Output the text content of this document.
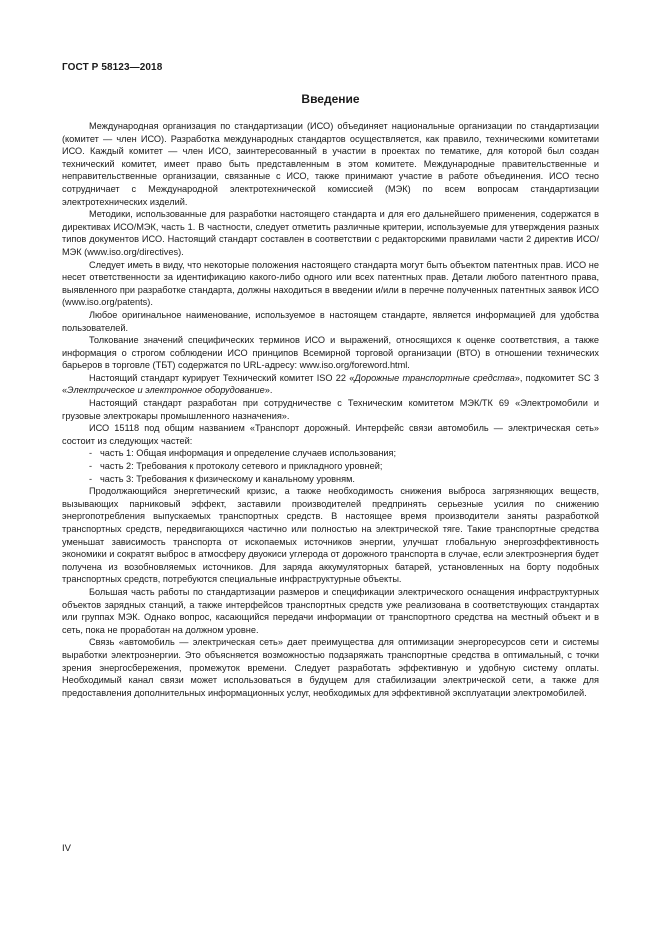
ГОСТ Р 58123—2018
Введение

Международная организация по стандартизации (ИСО) объединяет национальные организации по стандартизации (комитет — член ИСО). Разработка международных стандартов осуществляется, как правило, техническими комитетами ИСО. Каждый комитет — член ИСО, заинтересованный в участии в проектах по тематике, для которой был создан технический комитет, имеет право быть представленным в этом комитете. Международные правительственные и неправительственные организации, связанные с ИСО, также принимают участие в работе объединения. ИСО тесно сотрудничает с Международной электротехнической комиссией (МЭК) по всем вопросам стандартизации электротехнических изделий.

Методики, использованные для разработки настоящего стандарта и для его дальнейшего применения, содержатся в директивах ИСО/МЭК, часть 1. В частности, следует отметить различные критерии, используемые для утверждения разных типов документов ИСО. Настоящий стандарт составлен в соответствии с редакторскими правилами части 2 директив ИСО/МЭК (www.iso.org/directives).

Следует иметь в виду, что некоторые положения настоящего стандарта могут быть объектом патентных прав. ИСО не несет ответственности за идентификацию какого-либо одного или всех патентных прав. Детали любого патентного права, выявленного при разработке стандарта, должны находиться в введении и/или в перечне полученных патентных заявок ИСО (www.iso.org/patents).

Любое оригинальное наименование, используемое в настоящем стандарте, является информацией для удобства пользователей.

Толкование значений специфических терминов ИСО и выражений, относящихся к оценке соответствия, а также информация о строгом соблюдении ИСО принципов Всемирной торговой организации (ВТО) в отношении технических барьеров в торговле (ТБТ) содержатся по URL-адресу: www.iso.org/foreword.html.

Настоящий стандарт курирует Технический комитет ISO 22 «Дорожные транспортные средства», подкомитет SC 3 «Электрическое и электронное оборудование».

Настоящий стандарт разработан при сотрудничестве с Техническим комитетом МЭК/ТК 69 «Электромобили и грузовые электрокары промышленного назначения».

ИСО 15118 под общим названием «Транспорт дорожный. Интерфейс связи автомобиль — электрическая сеть» состоит из следующих частей:

- часть 1: Общая информация и определение случаев использования;

- часть 2: Требования к протоколу сетевого и прикладного уровней;

- часть 3: Требования к физическому и канальному уровням.

Продолжающийся энергетический кризис, а также необходимость снижения выброса загрязняющих веществ, вызывающих парниковый эффект, заставили производителей предпринять серьезные усилия по снижению энергопотребления выпускаемых транспортных средств. В настоящее время производители заняты разработкой транспортных средств, передвигающихся частично или полностью на электрической тяге. Такие транспортные средства уменьшат зависимость транспорта от ископаемых источников энергии, улучшат глобальную энергоэффективность экономики и сократят выброс в атмосферу двуокиси углерода от дорожного транспорта в случае, если электроэнергия будет получена из возобновляемых источников. Для заряда аккумуляторных батарей, установленных на борту подобных транспортных средств, потребуются специальные инфраструктурные объекты.

Большая часть работы по стандартизации размеров и спецификации электрического оснащения инфраструктурных объектов зарядных станций, а также интерфейсов транспортных средств уже реализована в соответствующих стандартах или группах МЭК. Однако вопрос, касающийся передачи информации от транспортного средства на местный объект и в сеть, пока не проработан на должном уровне.

Связь «автомобиль — электрическая сеть» дает преимущества для оптимизации энергоресурсов сети и системы выработки электроэнергии. Это объясняется возможностью подзаряжать транспортные средства в оптимальный, с точки зрения энергосбережения, промежуток времени. Следует разработать эффективную и удобную систему оплаты. Необходимый канал связи может использоваться в будущем для стабилизации электрической сети, а также для предоставления дополнительных информационных услуг, необходимых для эффективной эксплуатации электромобилей.

IV
